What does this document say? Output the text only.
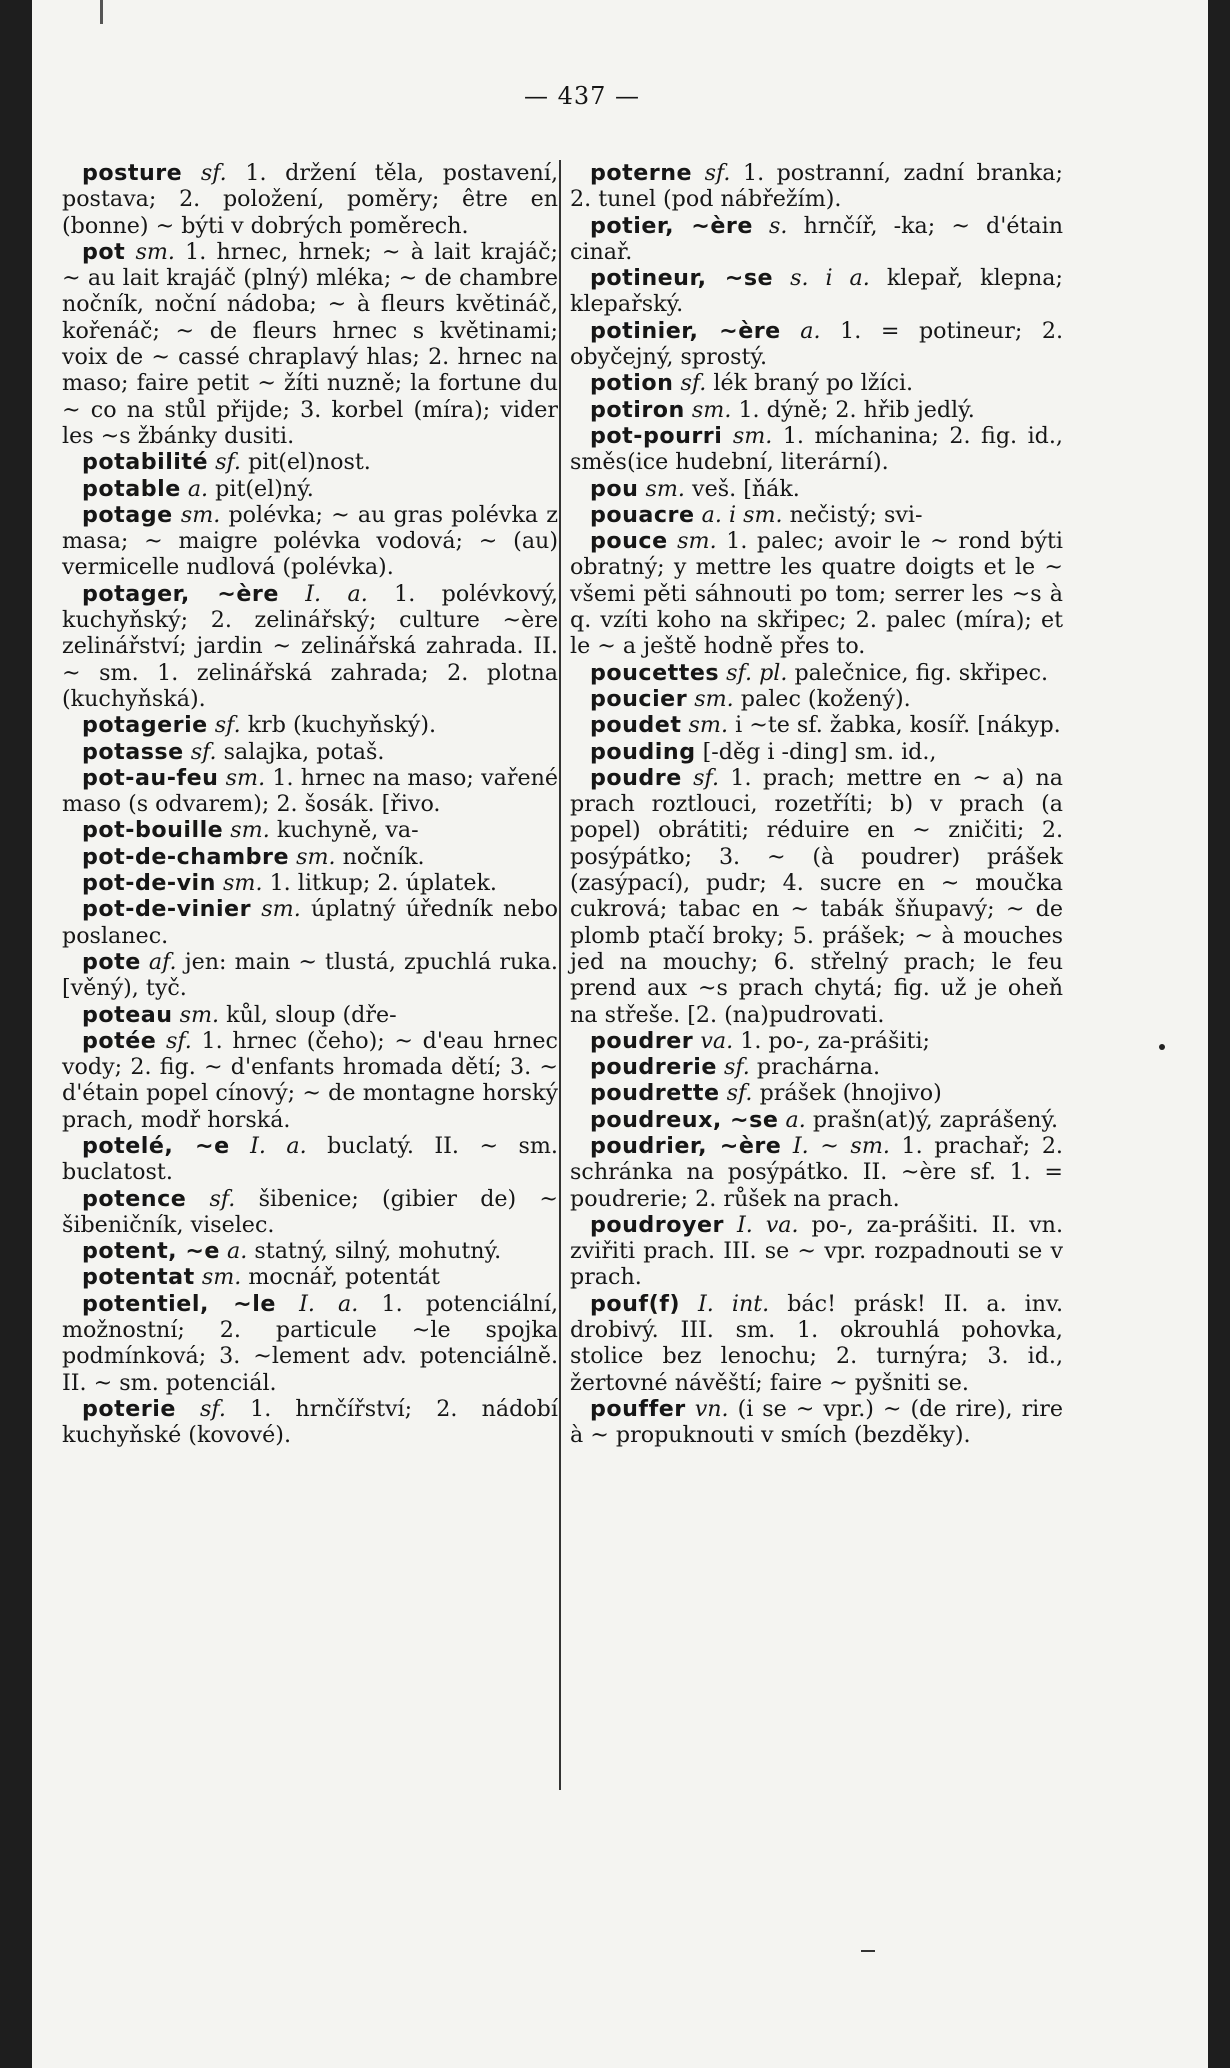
— 437 —

posture sf. 1. držení těla, postavení, postava; 2. položení, poměry; être en (bonne) ~ býti v dobrých poměrech.

pot sm. 1. hrnec, hrnek; ~ à lait krajáč; ~ au lait krajáč (plný) mléka; ~ de chambre nočník, noční nádoba; ~ à fleurs květináč, kořenáč; ~ de fleurs hrnec s květinami; voix de ~ cassé chraplavý hlas; 2. hrnec na maso; faire petit ~ žíti nuzně; la fortune du ~ co na stůl přijde; 3. korbel (míra); vider les ~s žbánky dusiti.

potabilité sf. pit(el)nost.

potable a. pit(el)ný.

potage sm. polévka; ~ au gras polévka z masa; ~ maigre polévka vodová; ~ (au) vermicelle nudlová (polévka).

potager, ~ère I. a. 1. polévkový, kuchyňský; 2. zelinářský; culture ~ère zelinářství; jardin ~ zelinářská zahrada. II. ~ sm. 1. zelinářská zahrada; 2. plotna (kuchyňská).

potagerie sf. krb (kuchyňský).

potasse sf. salajka, potaš.

pot-au-feu sm. 1. hrnec na maso; vařené maso (s odvarem); 2. šosák. [řivo.

pot-bouille sm. kuchyně, va-

pot-de-chambre sm. nočník.

pot-de-vin sm. 1. litkup; 2. úplatek.

pot-de-vinier sm. úplatný úředník nebo poslanec.

pote af. jen: main ~ tlustá, zpuchlá ruka. [věný), tyč.

poteau sm. kůl, sloup (dře-

potée sf. 1. hrnec (čeho); ~ d'eau hrnec vody; 2. fig. ~ d'enfants hromada dětí; 3. ~ d'étain popel cínový; ~ de montagne horský prach, modř horská.

potelé, ~e I. a. buclatý. II. ~ sm. buclatost.

potence sf. šibenice; (gibier de) ~ šibeničník, viselec.

potent, ~e a. statný, silný, mohutný.

potentat sm. mocnář, potentát

potentiel, ~le I. a. 1. potenciální, možnostní; 2. particule ~le spojka podmínková; 3. ~lement adv. potenciálně. II. ~ sm. potenciál.

poterie sf. 1. hrnčířství; 2. nádobí kuchyňské (kovové).

poterne sf. 1. postranní, zadní branka; 2. tunel (pod nábřežím).

potier, ~ère s. hrnčíř, -ka; ~ d'étain cinař.

potineur, ~se s. i a. klepař, klepna; klepařský.

potinier, ~ère a. 1. = potineur; 2. obyčejný, sprostý.

potion sf. lék braný po lžíci.

potiron sm. 1. dýně; 2. hřib jedlý.

pot-pourri sm. 1. míchanina; 2. fig. id., směs(ice hudební, literární).

pou sm. veš. [ňák.

pouacre a. i sm. nečistý; svi-

pouce sm. 1. palec; avoir le ~ rond býti obratný; y mettre les quatre doigts et le ~ všemi pěti sáhnouti po tom; serrer les ~s à q. vzíti koho na skřipec; 2. palec (míra); et le ~ a ještě hodně přes to.

poucettes sf. pl. palečnice, fig. skřipec.

poucier sm. palec (kožený).

poudet sm. i ~te sf. žabka, kosíř. [nákyp.

pouding [-děg i -ding] sm. id.,

poudre sf. 1. prach; mettre en ~ a) na prach roztlouci, rozetříti; b) v prach (a popel) obrátiti; réduire en ~ zničiti; 2. posýpátko; 3. ~ (à poudrer) prášek (zasýpací), pudr; 4. sucre en ~ moučka cukrová; tabac en ~ tabák šňupavý; ~ de plomb ptačí broky; 5. prášek; ~ à mouches jed na mouchy; 6. střelný prach; le feu prend aux ~s prach chytá; fig. už je oheň na střeše. [2. (na)pudrovati.

poudrer va. 1. po-, za-prášiti;

poudrerie sf. prachárna.

poudrette sf. prášek (hnojivo)

poudreux, ~se a. prašn(at)ý, zaprášený.

poudrier, ~ère I. ~ sm. 1. prachař; 2. schránka na posýpátko. II. ~ère sf. 1. = poudrerie; 2. růšek na prach.

poudroyer I. va. po-, za-prášiti. II. vn. zviřiti prach. III. se ~ vpr. rozpadnouti se v prach.

pouf(f) I. int. bác! prásk! II. a. inv. drobivý. III. sm. 1. okrouhlá pohovka, stolice bez lenochu; 2. turnýra; 3. id., žertovné návěští; faire ~ pyšniti se.

pouffer vn. (i se ~ vpr.) ~ (de rire), rire à ~ propuknouti v smích (bezděky).
